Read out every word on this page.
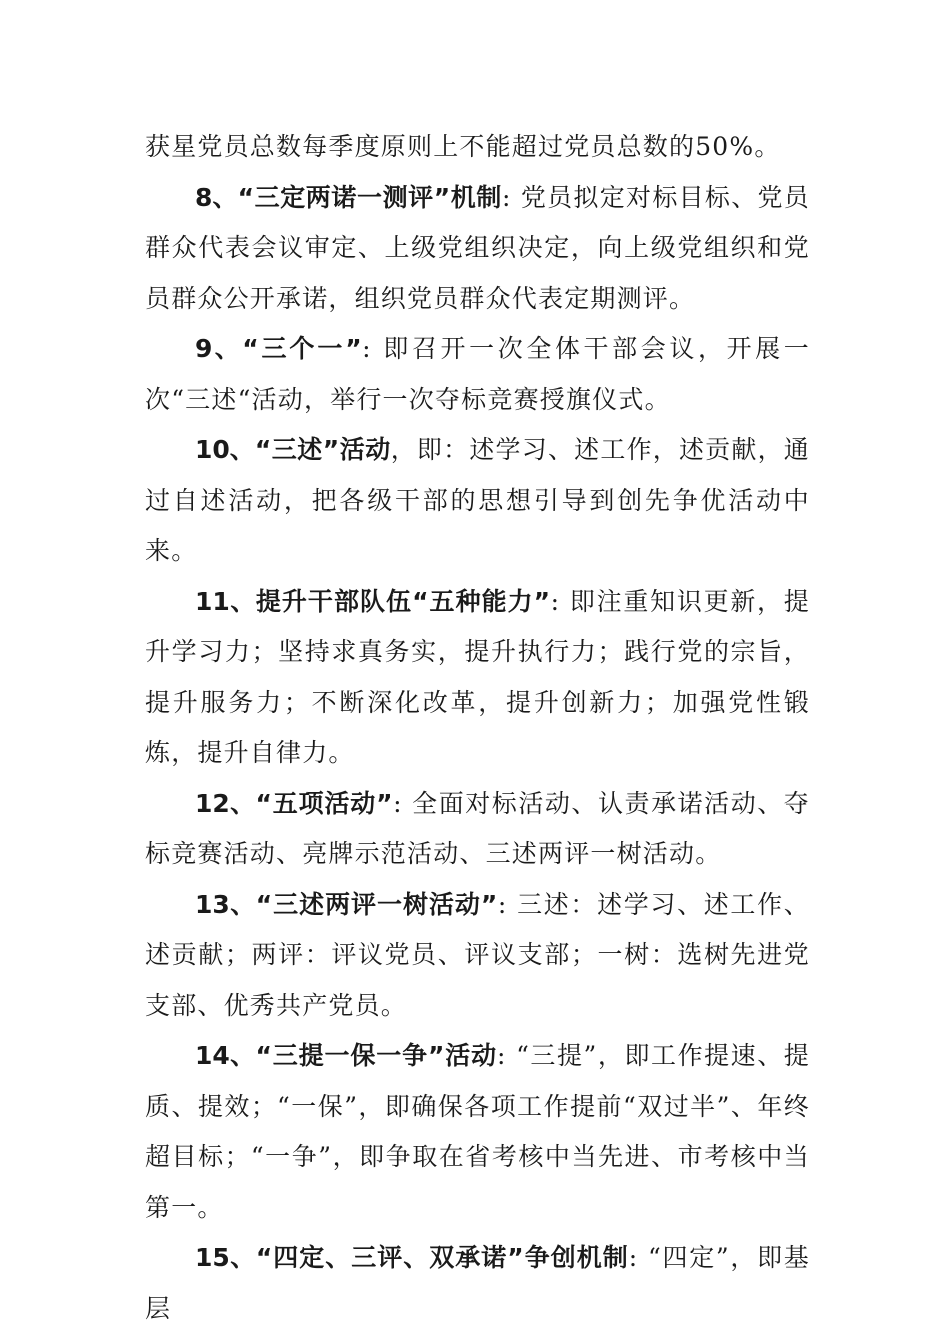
获星党员总数每季度原则上不能超过党员总数的50%。

8、“三定两诺一测评”机制: 党员拟定对标目标、党员群众代表会议审定、上级党组织决定，向上级党组织和党员群众公开承诺，组织党员群众代表定期测评。

9、“三个一”: 即召开一次全体干部会议，开展一次“三述“活动，举行一次夺标竞赛授旗仪式。

10、“三述”活动，即：述学习、述工作，述贡献，通过自述活动，把各级干部的思想引导到创先争优活动中来。

11、提升干部队伍“五种能力”: 即注重知识更新，提升学习力；坚持求真务实，提升执行力；践行党的宗旨，提升服务力；不断深化改革，提升创新力；加强党性锻炼，提升自律力。

12、“五项活动”: 全面对标活动、认责承诺活动、夺标竞赛活动、亮牌示范活动、三述两评一树活动。

13、“三述两评一树活动”: 三述：述学习、述工作、述贡献；两评：评议党员、评议支部；一树：选树先进党支部、优秀共产党员。

14、“三提一保一争”活动: “三提”，即工作提速、提质、提效；“一保”，即确保各项工作提前“双过半”、年终超目标；“一争”，即争取在省考核中当先进、市考核中当第一。

15、“四定、三评、双承诺”争创机制: “四定”，即基层
